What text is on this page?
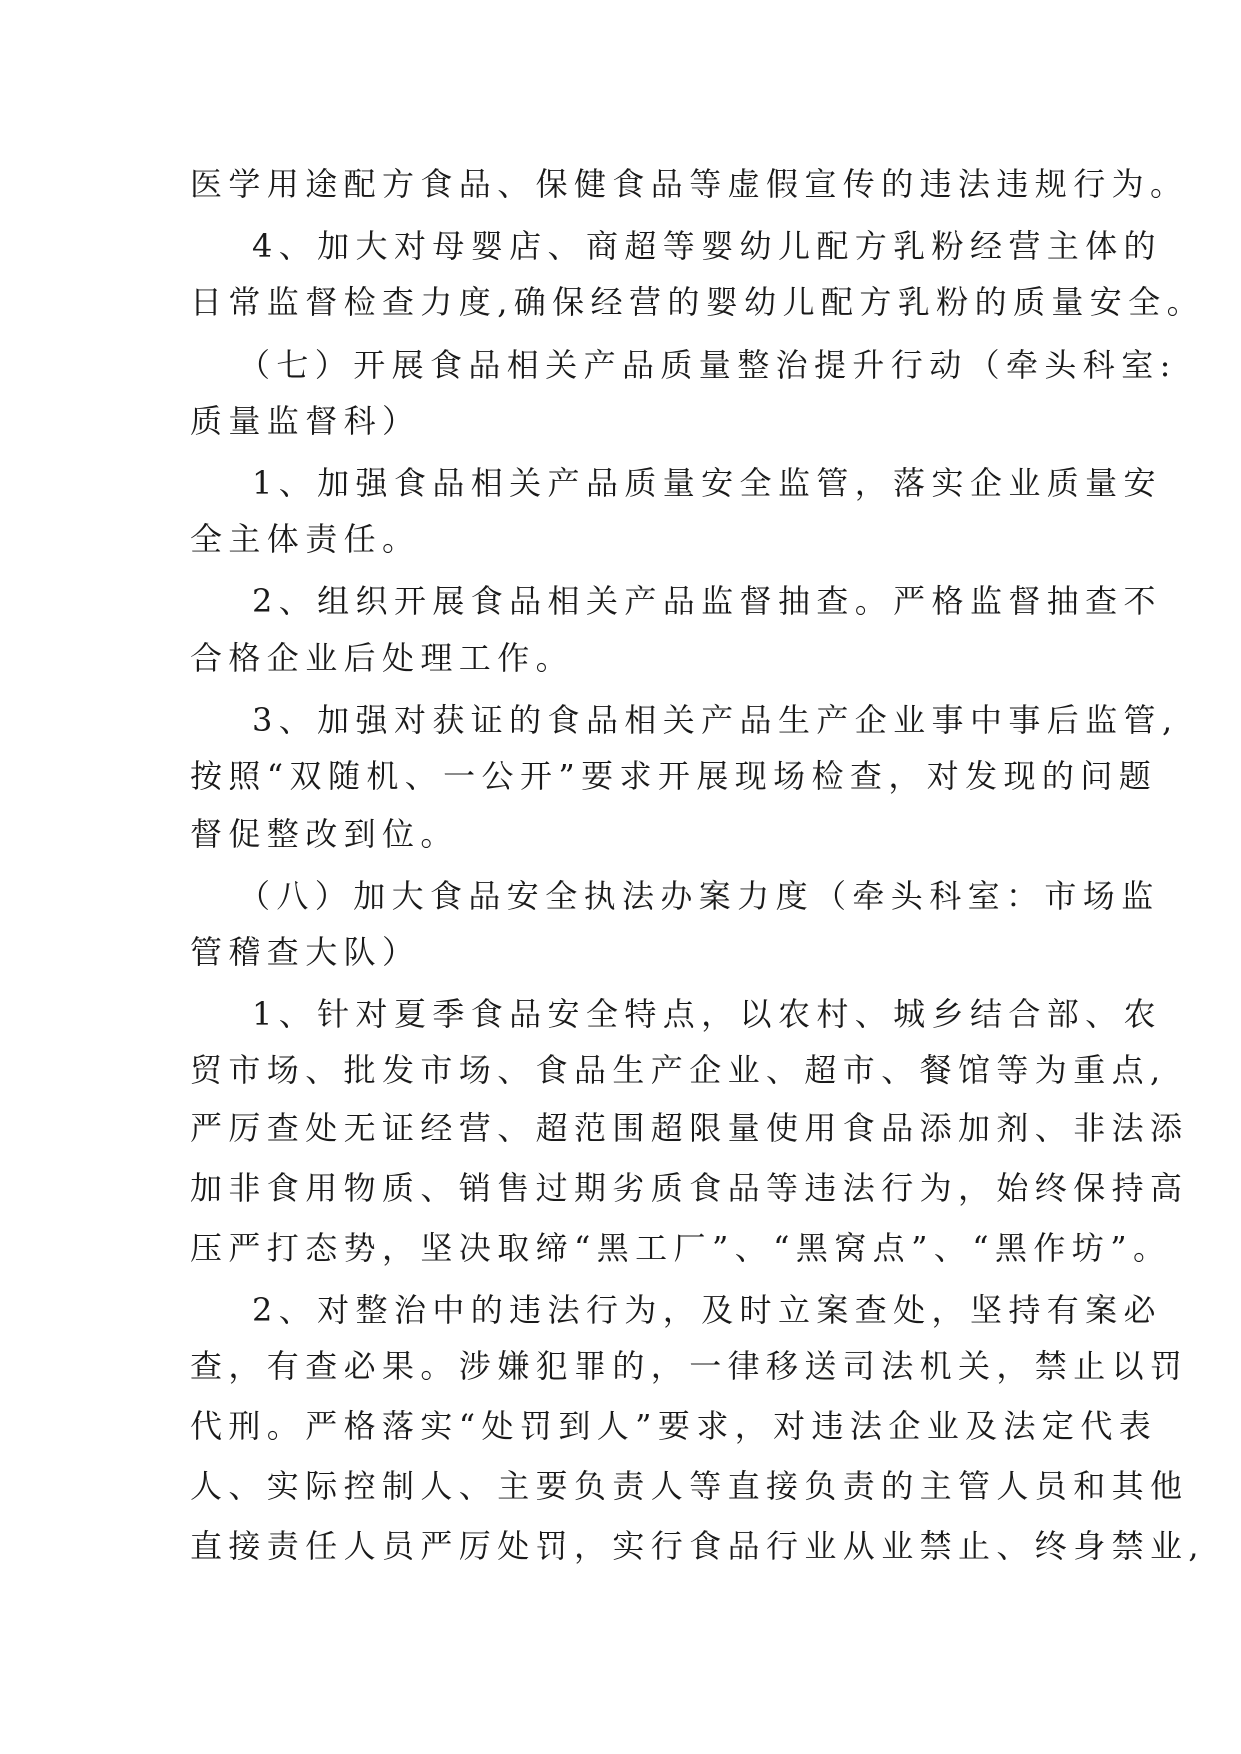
医学用途配方食品、保健食品等虚假宣传的违法违规行为。
4、加大对母婴店、商超等婴幼儿配方乳粉经营主体的
日常监督检查力度,确保经营的婴幼儿配方乳粉的质量安全。
（七）开展食品相关产品质量整治提升行动（牵头科室:
质量监督科）
1、加强食品相关产品质量安全监管，落实企业质量安
全主体责任。
2、组织开展食品相关产品监督抽查。严格监督抽查不
合格企业后处理工作。
3、加强对获证的食品相关产品生产企业事中事后监管,
按照“双随机、一公开”要求开展现场检查，对发现的问题
督促整改到位。
（八）加大食品安全执法办案力度（牵头科室：市场监
管稽查大队）
1、针对夏季食品安全特点，以农村、城乡结合部、农
贸市场、批发市场、食品生产企业、超市、餐馆等为重点,
严厉查处无证经营、超范围超限量使用食品添加剂、非法添
加非食用物质、销售过期劣质食品等违法行为，始终保持高
压严打态势，坚决取缔“黑工厂”、“黑窝点”、“黑作坊”。
2、对整治中的违法行为，及时立案查处，坚持有案必
查，有查必果。涉嫌犯罪的，一律移送司法机关，禁止以罚
代刑。严格落实“处罚到人”要求，对违法企业及法定代表
人、实际控制人、主要负责人等直接负责的主管人员和其他
直接责任人员严厉处罚，实行食品行业从业禁止、终身禁业,
